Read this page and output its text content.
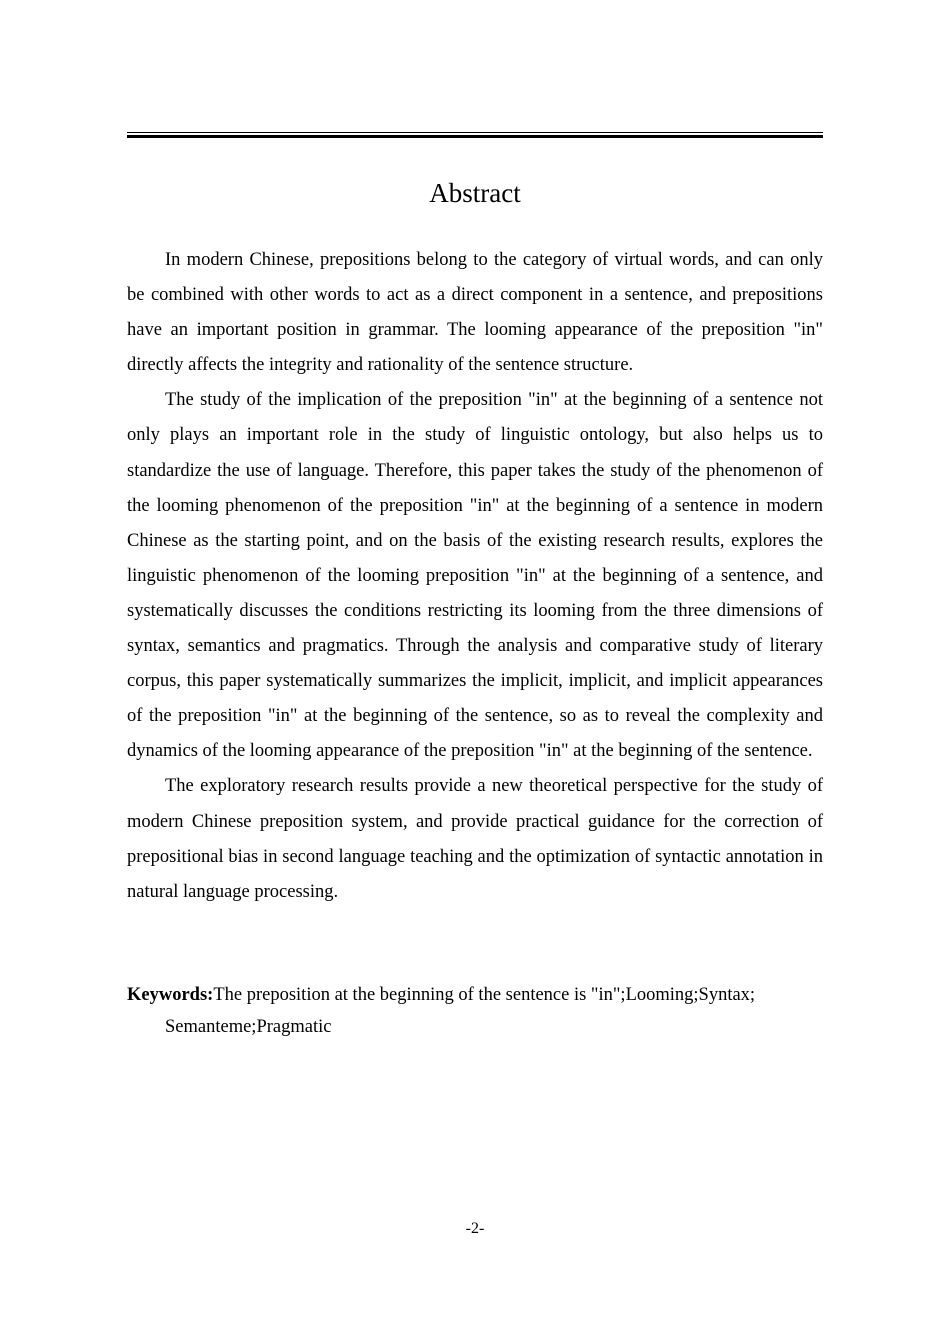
Abstract

In modern Chinese, prepositions belong to the category of virtual words, and can only be combined with other words to act as a direct component in a sentence, and prepositions have an important position in grammar. The looming appearance of the preposition "in" directly affects the integrity and rationality of the sentence structure.

The study of the implication of the preposition "in" at the beginning of a sentence not only plays an important role in the study of linguistic ontology, but also helps us to standardize the use of language. Therefore, this paper takes the study of the phenomenon of the looming phenomenon of the preposition "in" at the beginning of a sentence in modern Chinese as the starting point, and on the basis of the existing research results, explores the linguistic phenomenon of the looming preposition "in" at the beginning of a sentence, and systematically discusses the conditions restricting its looming from the three dimensions of syntax, semantics and pragmatics. Through the analysis and comparative study of literary corpus, this paper systematically summarizes the implicit, implicit, and implicit appearances of the preposition "in" at the beginning of the sentence, so as to reveal the complexity and dynamics of the looming appearance of the preposition "in" at the beginning of the sentence.

The exploratory research results provide a new theoretical perspective for the study of modern Chinese preposition system, and provide practical guidance for the correction of prepositional bias in second language teaching and the optimization of syntactic annotation in natural language processing.

Keywords:The preposition at the beginning of the sentence is "in";Looming;Syntax; Semanteme;Pragmatic
-2-
